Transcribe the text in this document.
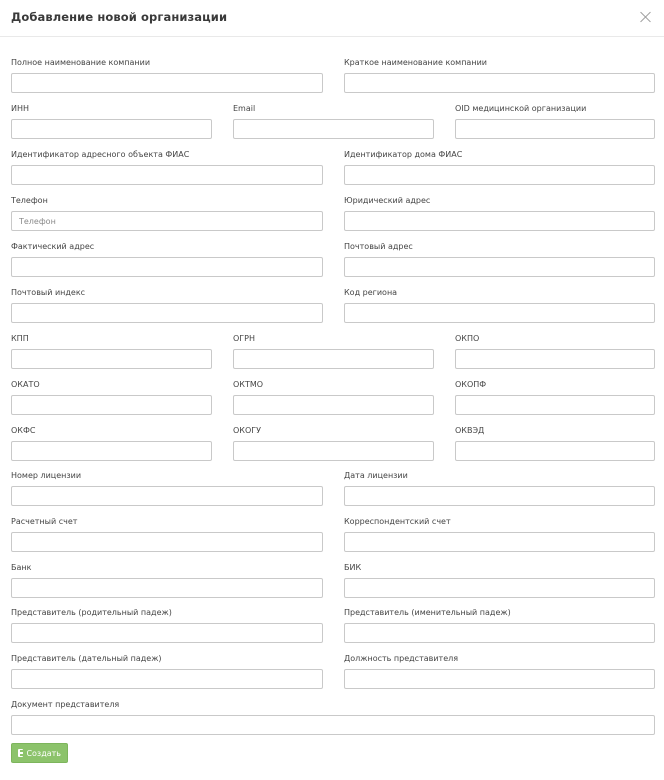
Добавление новой организации
Полное наименование компании	Краткое наименование компании
ИНН	Email	OID медицинской организации
Идентификатор адресного объекта ФИАС	Идентификатор дома ФИАС
Телефон
Телефон	Юридический адрес
Фактический адрес	Почтовый адрес
Почтовый индекс	Код региона
КПП	ОГРН	ОКПО
ОКАТО	ОКТМО	ОКОПФ
ОКФС	ОКОГУ	ОКВЭД
Номер лицензии	Дата лицензии
Расчетный счет	Корреспондентский счет
Банк	БИК
Представитель (родительный падеж)	Представитель (именительный падеж)
Представитель (дательный падеж)	Должность представителя
Документ представителя
Создать
